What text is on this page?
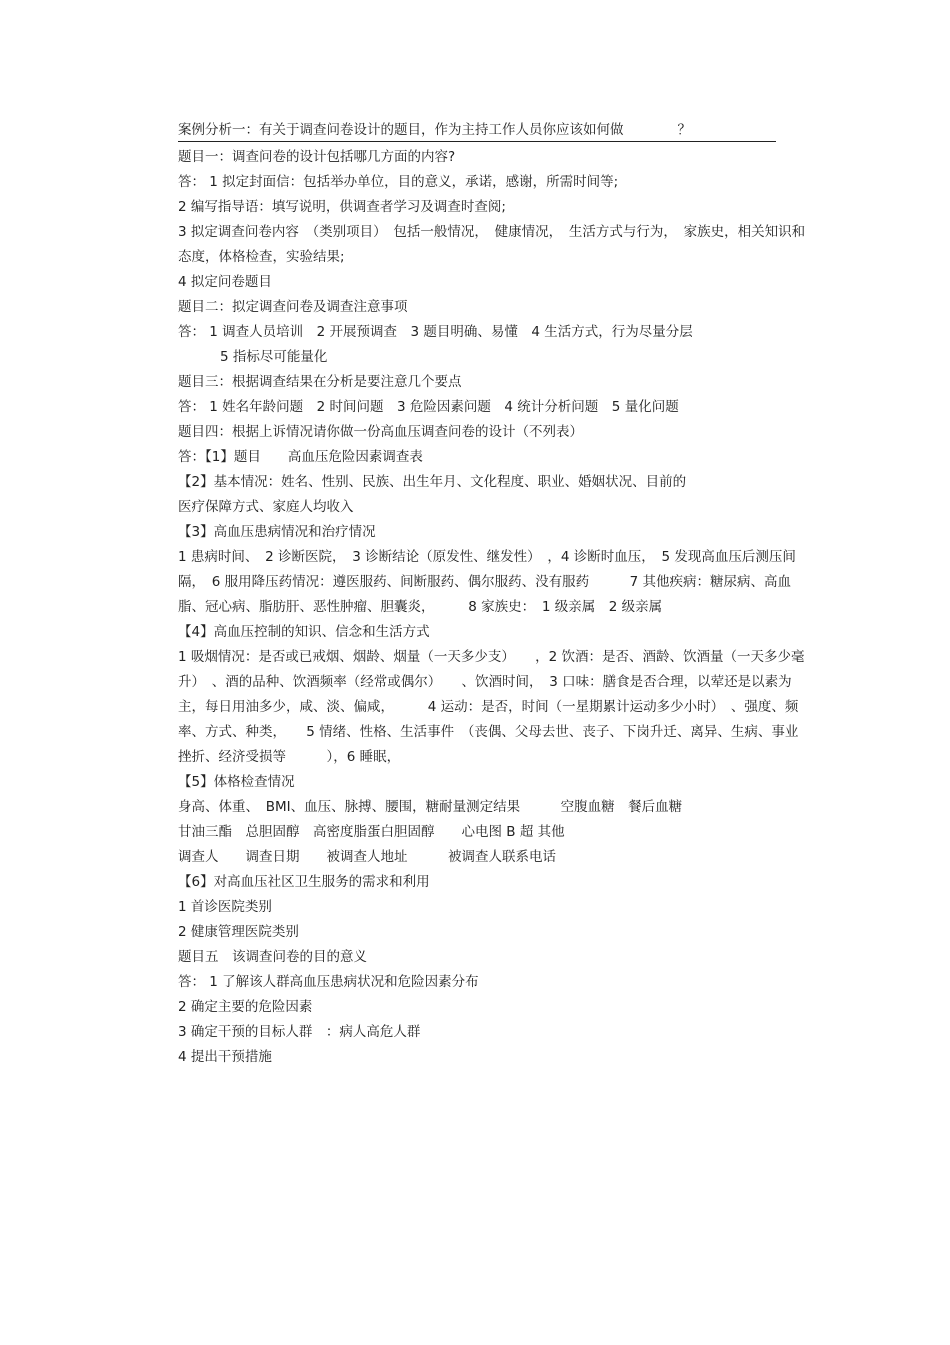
案例分析一：有关于调查问卷设计的题目，作为主持工作人员你应该如何做　　　　？
题目一：调查问卷的设计包括哪几方面的内容?
答： 1 拟定封面信：包括举办单位，目的意义，承诺，感谢，所需时间等;
2 编写指导语：填写说明，供调查者学习及调查时查阅;
3 拟定调查问卷内容　（类别项目）　包括一般情况，　健康情况，　生活方式与行为，　家族史，相关知识和态度，体格检查，实验结果;
4 拟定问卷题目
题目二：拟定调查问卷及调查注意事项
答： 1 调查人员培训　2 开展预调查　3 题目明确、易懂　4 生活方式，行为尽量分层
5 指标尽可能量化
题目三：根据调查结果在分析是要注意几个要点
答： 1 姓名年龄问题　2 时间问题　3 危险因素问题　4 统计分析问题　5 量化问题
题目四：根据上诉情况请你做一份高血压调查问卷的设计（不列表）
答：【1】题目　　高血压危险因素调查表
【2】基本情况：姓名、性别、民族、出生年月、文化程度、职业、婚姻状况、目前的
医疗保障方式、家庭人均收入
【3】高血压患病情况和治疗情况
1 患病时间、　2 诊断医院，　3 诊断结论（原发性、继发性）　，4 诊断时血压，　5 发现高血压后测压间隔，　6 服用降压药情况：遵医服药、间断服药、偶尔服药、没有服药　　　7 其他疾病：糖尿病、高血脂、冠心病、脂肪肝、恶性肿瘤、胆囊炎，　　　8 家族史：　1 级亲属　2 级亲属
【4】高血压控制的知识、信念和生活方式
1 吸烟情况：是否或已戒烟、烟龄、烟量（一天多少支）　　，2 饮酒：是否、酒龄、饮酒量（一天多少毫升）　、酒的品种、饮酒频率（经常或偶尔）　　、饮酒时间，　3 口味：膳食是否合理，以荤还是以素为主，每日用油多少，咸、淡、偏咸，　　　4 运动：是否，时间（一星期累计运动多少小时）　、强度、频率、方式、种类，　　5 情绪、性格、生活事件　（丧偶、父母去世、丧子、下岗升迁、离异、生病、事业挫折、经济受损等　　　），6 睡眠，
【5】体格检查情况
身高、体重、　BMI、血压、脉搏、腰围，糖耐量测定结果　　　空腹血糖　餐后血糖
甘油三酯　总胆固醇　高密度脂蛋白胆固醇　　心电图 B 超 其他
调查人　　调查日期　　被调查人地址　　　被调查人联系电话
【6】对高血压社区卫生服务的需求和利用
1 首诊医院类别
2 健康管理医院类别
题目五　该调查问卷的目的意义
答： 1 了解该人群高血压患病状况和危险因素分布
2 确定主要的危险因素
3 确定干预的目标人群　：病人高危人群
4 提出干预措施
